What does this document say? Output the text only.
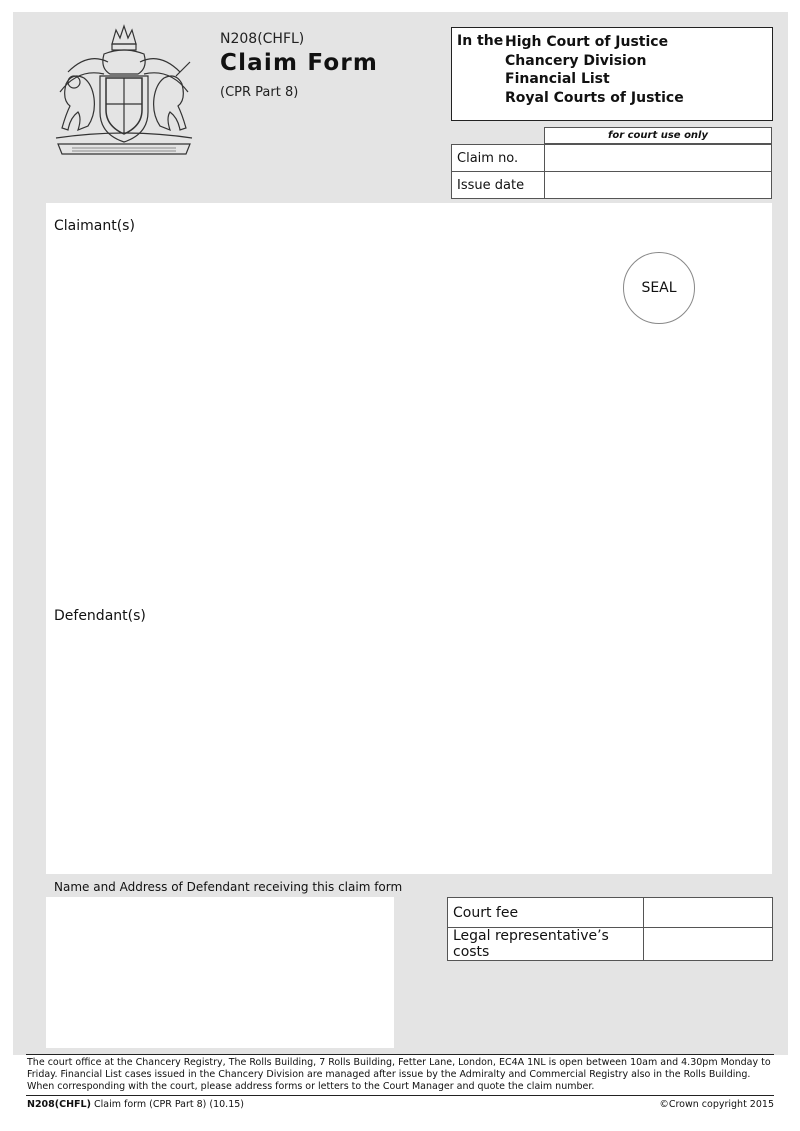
N208(CHFL)
Claim Form
(CPR Part 8)
In the High Court of Justice
Chancery Division
Financial List
Royal Courts of Justice
for court use only
Claim no.	
Issue date	
Claimant(s)
SEAL
Defendant(s)
Name and Address of Defendant receiving this claim form
Court fee	
Legal representative’s costs	
The court office at the Chancery Registry, The Rolls Building, 7 Rolls Building, Fetter Lane, London, EC4A 1NL is open between 10am and 4.30pm Monday to Friday. Financial List cases issued in the Chancery Division are managed after issue by the Admiralty and Commercial Registry also in the Rolls Building. When corresponding with the court, please address forms or letters to the Court Manager and quote the claim number.
N208(CHFL) Claim form (CPR Part 8) (10.15)	©Crown copyright 2015
